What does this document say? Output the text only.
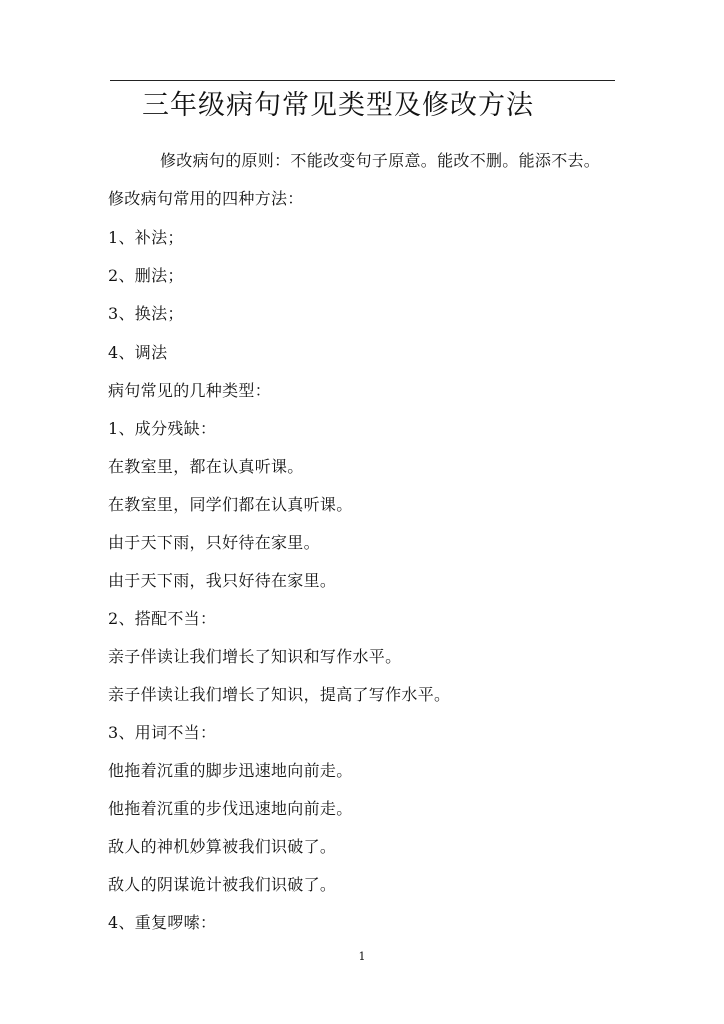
三年级病句常见类型及修改方法
修改病句的原则：不能改变句子原意。能改不删。能添不去。
修改病句常用的四种方法：
1、补法；
2、删法；
3、换法；
4、调法
病句常见的几种类型：
1、成分残缺：
在教室里，都在认真听课。
在教室里，同学们都在认真听课。
由于天下雨，只好待在家里。
由于天下雨，我只好待在家里。
2、搭配不当：
亲子伴读让我们增长了知识和写作水平。
亲子伴读让我们增长了知识，提高了写作水平。
3、用词不当：
他拖着沉重的脚步迅速地向前走。
他拖着沉重的步伐迅速地向前走。
敌人的神机妙算被我们识破了。
敌人的阴谋诡计被我们识破了。
4、重复啰嗦：
1
